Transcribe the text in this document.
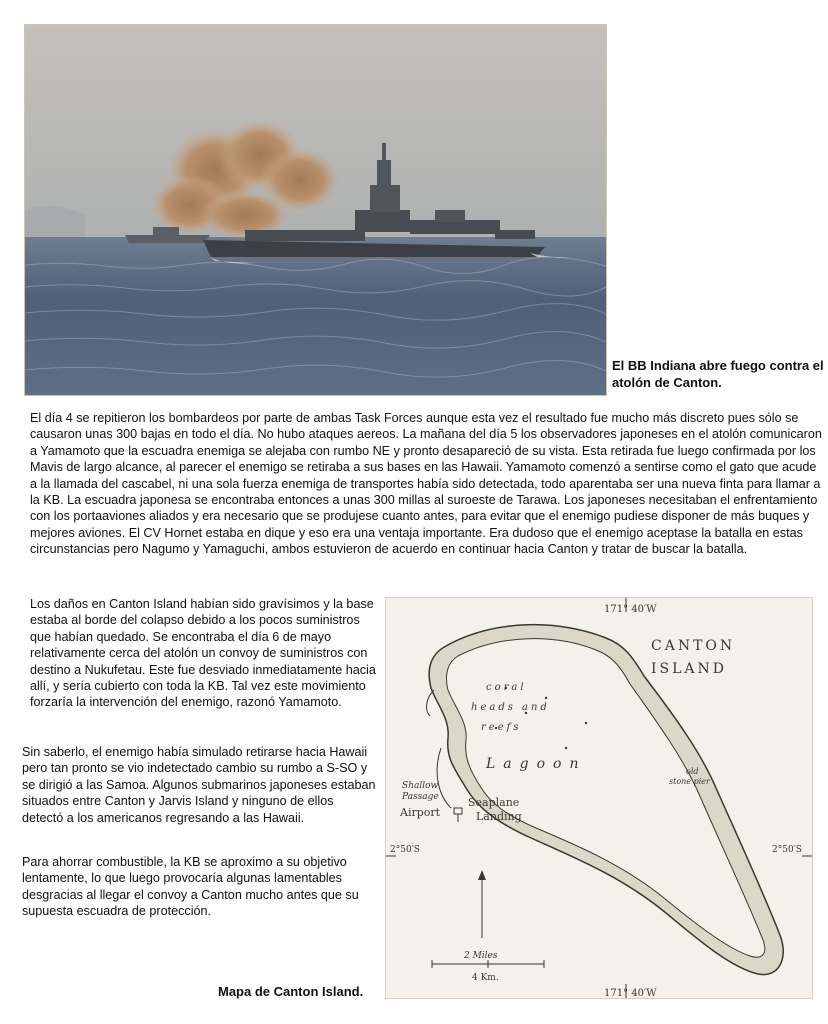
El BB Indiana abre fuego contra el atolón de Canton.

El día 4 se repitieron los bombardeos por parte de ambas Task Forces aunque esta vez el resultado fue mucho más discreto pues sólo se causaron unas 300 bajas en todo el día. No hubo ataques aereos. La mañana del día 5 los observadores japoneses en el atolón comunicaron a Yamamoto que la escuadra enemiga se alejaba con rumbo NE y pronto desapareció de su vista. Esta retirada fue luego confirmada por los Mavis de largo alcance, al parecer el enemigo se retiraba a sus bases en las Hawaii. Yamamoto comenzó a sentirse como el gato que acude a la llamada del cascabel, ni una sola fuerza enemiga de transportes había sido detectada, todo aparentaba ser una nueva finta para llamar a la KB. La escuadra japonesa se encontraba entonces a unas 300 millas al suroeste de Tarawa. Los japoneses necesitaban el enfrentamiento con los portaaviones aliados y era necesario que se produjese cuanto antes, para evitar que el enemigo pudiese disponer de más buques y mejores aviones. El CV Hornet estaba en dique y eso era una ventaja importante. Era dudoso que el enemigo aceptase la batalla en estas circunstancias pero Nagumo y Yamaguchi, ambos estuvieron de acuerdo en continuar hacia Canton y tratar de buscar la batalla.

Los daños en Canton Island habían sido gravísimos y la base estaba al borde del colapso debido a los pocos suministros que habían quedado. Se encontraba el día 6 de mayo relativamente cerca del atolón un convoy de suministros con destino a Nukufetau. Este fue desviado inmediatamente hacia allí, y sería cubierto con toda la KB. Tal vez este movimiento forzaría la intervención del enemigo, razonó Yamamoto.

Sin saberlo, el enemigo había simulado retirarse hacia Hawaii pero tan pronto se vio indetectado cambio su rumbo a S-SO y se dirigió a las Samoa. Algunos submarinos japoneses estaban situados entre Canton y Jarvis Island y ninguno de ellos detectó a los americanos regresando a las Hawaii.

Para ahorrar combustible, la KB se aproximo a su objetivo lentamente, lo que luego provocaría algunas lamentables desgracias al llegar el convoy a Canton mucho antes que su supuesta escuadra de protección.

171° 40′W
171° 40′W
2°50′S	2°50′S
CANTON
ISLAND
coral
heads and
reefs
Lagoon
Shallow
Passage
Airport
Seaplane
Landing
old
stone pier
2 Miles
4 Km.
Mapa de Canton Island.
